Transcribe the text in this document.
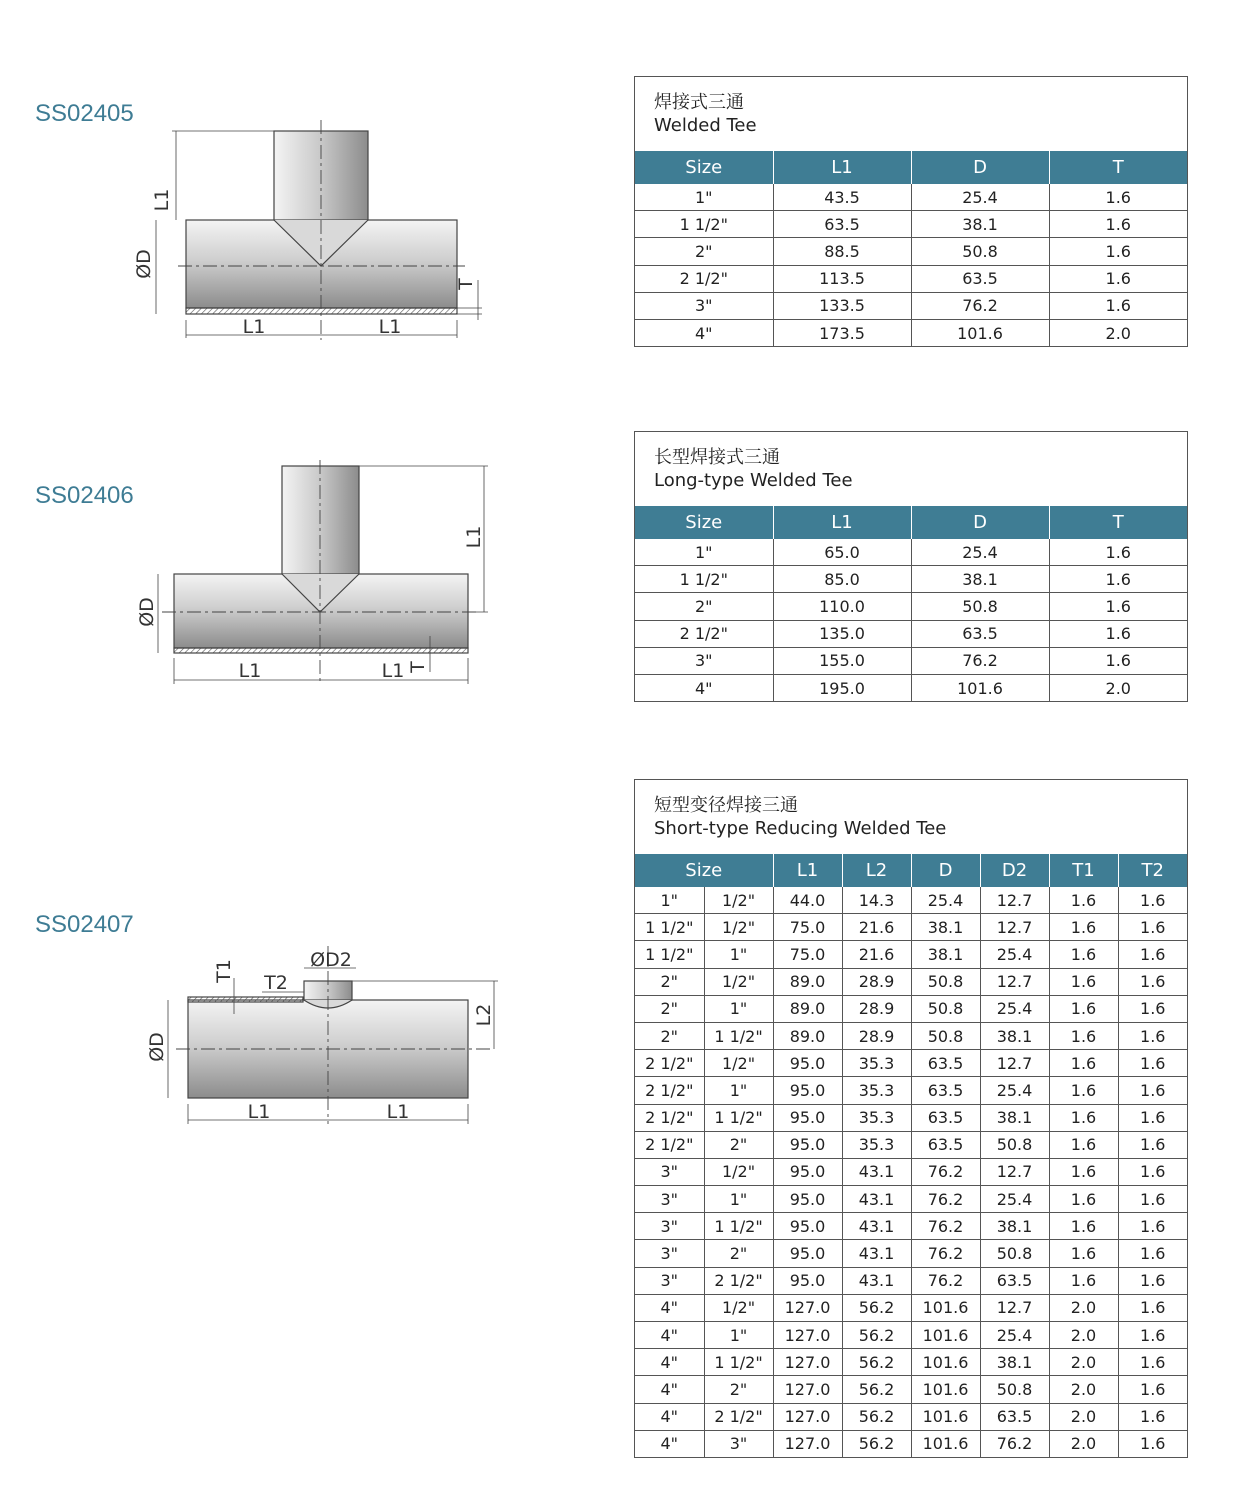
SS02405
SS02406
SS02407
L1
ØD
L1	L1
T
L1
ØD
L1	L1 T
T1
T2
ØD2
L2
ØD
L1	L1
焊接式三通
Welded Tee
Size	L1	D	T
1"	43.5	25.4	1.6
1 1/2"	63.5	38.1	1.6
2"	88.5	50.8	1.6
2 1/2"	113.5	63.5	1.6
3"	133.5	76.2	1.6
4"	173.5	101.6	2.0
长型焊接式三通
Long-type Welded Tee
Size	L1	D	T
1"	65.0	25.4	1.6
1 1/2"	85.0	38.1	1.6
2"	110.0	50.8	1.6
2 1/2"	135.0	63.5	1.6
3"	155.0	76.2	1.6
4"	195.0	101.6	2.0
短型变径焊接三通
Short-type Reducing Welded Tee
Size		L1	L2	D	D2	T1	T2
1"	1/2"	44.0	14.3	25.4	12.7	1.6	1.6
1 1/2"	1/2"	75.0	21.6	38.1	12.7	1.6	1.6
1 1/2"	1"	75.0	21.6	38.1	25.4	1.6	1.6
2"	1/2"	89.0	28.9	50.8	12.7	1.6	1.6
2"	1"	89.0	28.9	50.8	25.4	1.6	1.6
2"	1 1/2"	89.0	28.9	50.8	38.1	1.6	1.6
2 1/2"	1/2"	95.0	35.3	63.5	12.7	1.6	1.6
2 1/2"	1"	95.0	35.3	63.5	25.4	1.6	1.6
2 1/2"	1 1/2"	95.0	35.3	63.5	38.1	1.6	1.6
2 1/2"	2"	95.0	35.3	63.5	50.8	1.6	1.6
3"	1/2"	95.0	43.1	76.2	12.7	1.6	1.6
3"	1"	95.0	43.1	76.2	25.4	1.6	1.6
3"	1 1/2"	95.0	43.1	76.2	38.1	1.6	1.6
3"	2"	95.0	43.1	76.2	50.8	1.6	1.6
3"	2 1/2"	95.0	43.1	76.2	63.5	1.6	1.6
4"	1/2"	127.0	56.2	101.6	12.7	2.0	1.6
4"	1"	127.0	56.2	101.6	25.4	2.0	1.6
4"	1 1/2"	127.0	56.2	101.6	38.1	2.0	1.6
4"	2"	127.0	56.2	101.6	50.8	2.0	1.6
4"	2 1/2"	127.0	56.2	101.6	63.5	2.0	1.6
4"	3"	127.0	56.2	101.6	76.2	2.0	1.6
